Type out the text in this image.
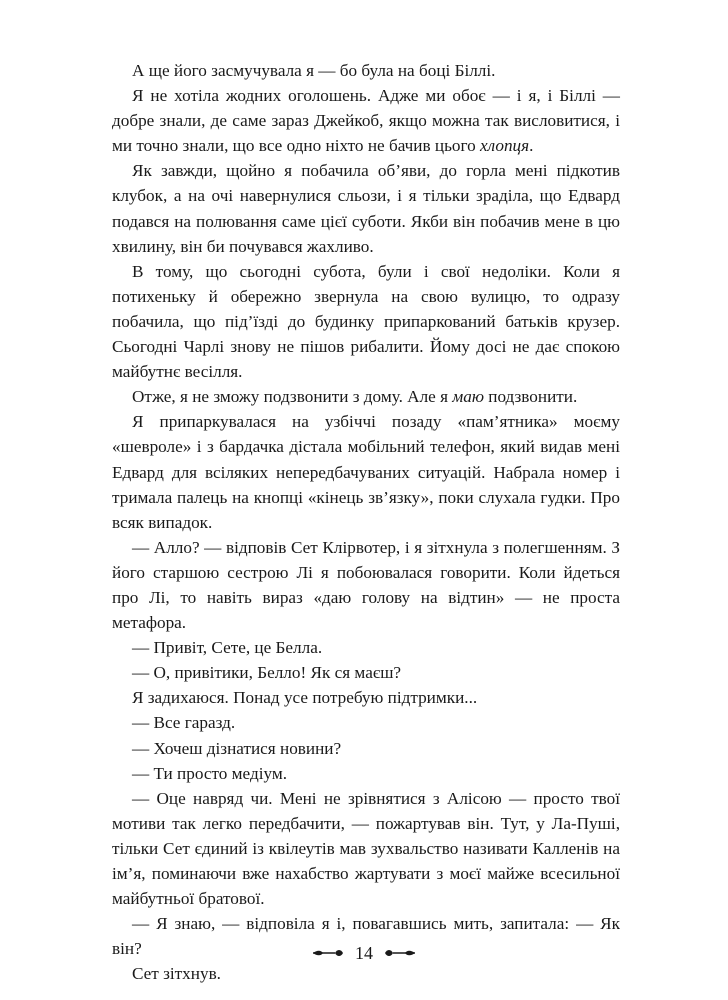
А ще його засмучувала я — бо була на боці Біллі.

Я не хотіла жодних оголошень. Адже ми обоє — і я, і Біллі — добре знали, де саме зараз Джейкоб, якщо можна так висловитися, і ми точно знали, що все одно ніхто не бачив цього хлопця.

Як завжди, щойно я побачила об’яви, до горла мені підкотив клубок, а на очі навернулися сльози, і я тільки зраділа, що Едвард подався на полювання саме цієї суботи. Якби він побачив мене в цю хвилину, він би почувався жахливо.

В тому, що сьогодні субота, були і свої недоліки. Коли я потихеньку й обережно звернула на свою вулицю, то одразу побачила, що під’їзді до будинку припаркований батьків крузер. Сьогодні Чарлі знову не пішов рибалити. Йому досі не дає спокою майбутнє весілля.

Отже, я не зможу подзвонити з дому. Але я маю подзвонити.

Я припаркувалася на узбіччі позаду «пам’ятника» моєму «шевроле» і з бардачка дістала мобільний телефон, який видав мені Едвард для всіляких непередбачуваних ситуацій. Набрала номер і тримала палець на кнопці «кінець зв’язку», поки слухала гудки. Про всяк випадок.

— Алло? — відповів Сет Клірвотер, і я зітхнула з полегшенням. З його старшою сестрою Лі я побоювалася говорити. Коли йдеться про Лі, то навіть вираз «даю голову на відтин» — не проста метафора.

— Привіт, Сете, це Белла.

— О, привітики, Белло! Як ся маєш?

Я задихаюся. Понад усе потребую підтримки...

— Все гаразд.

— Хочеш дізнатися новини?

— Ти просто медіум.

— Оце навряд чи. Мені не зрівнятися з Алісою — просто твої мотиви так легко передбачити, — пожартував він. Тут, у Ла-Пуші, тільки Сет єдиний із квілеутів мав зухвальство називати Калленів на ім’я, поминаючи вже нахабство жартувати з моєї майже всесильної майбутньої братової.

— Я знаю, — відповіла я і, повагавшись мить, запитала: — Як він?

Сет зітхнув.

14
